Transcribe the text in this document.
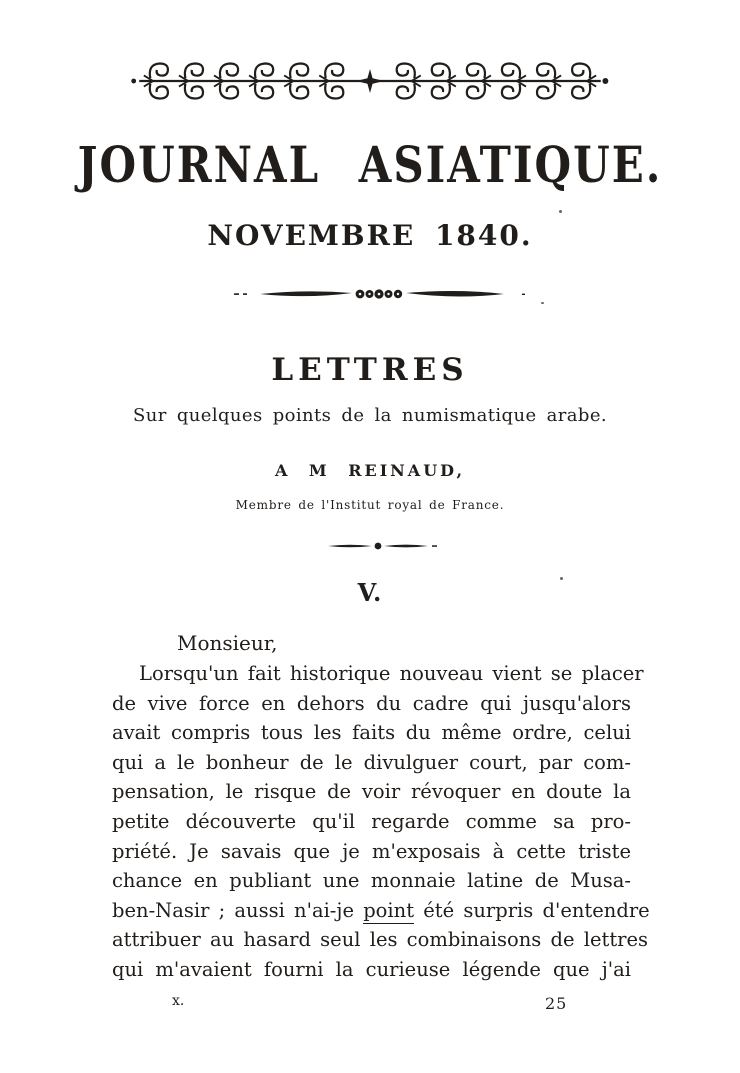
JOURNAL ASIATIQUE.
NOVEMBRE 1840.
LETTRES
Sur quelques points de la numismatique arabe.
A M REINAUD,
Membre de l'Institut royal de France.
V.
Monsieur,
Lorsqu'un fait historique nouveau vient se placer
de vive force en dehors du cadre qui jusqu'alors
avait compris tous les faits du même ordre, celui
qui a le bonheur de le divulguer court, par com-
pensation, le risque de voir révoquer en doute la
petite découverte qu'il regarde comme sa pro-
priété. Je savais que je m'exposais à cette triste
chance en publiant une monnaie latine de Musa-
ben-Nasir ; aussi n'ai-je point été surpris d'entendre
attribuer au hasard seul les combinaisons de lettres
qui m'avaient fourni la curieuse légende que j'ai
x.	25
